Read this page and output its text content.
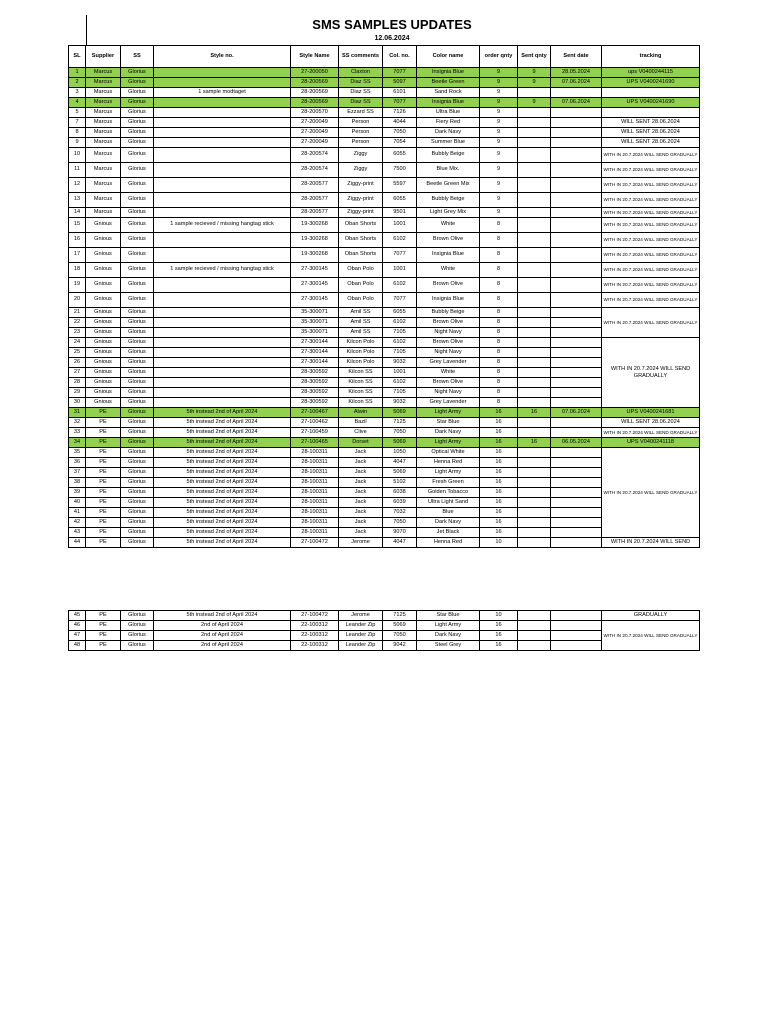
SMS SAMPLES UPDATES
12.06.2024
SL	Supplier	SS	Style no.	Style Name	SS comments	Col. no.	Color name	order qnty	Sent qnty	Sent date	tracking
1	Marcus	Glorius		27-200050	Claxton	7077	Insignia Blue	9	9	28.05.2024	ups V0400244115
2	Marcus	Glorius		28-200569	Diaz SS	5097	Beetle Green	9	9	07.06.2024	UPS V0400241690
3	Marcus	Glorius	1 sample modtaget	28-200569	Diaz SS	6101	Sand Rock	9			
4	Marcus	Glorius		28-200569	Diaz SS	7077	Insignia Blue	9	9	07.06.2024	UPS V0400241690
5	Marcus	Glorius		28-200570	Ezzard SS	7126	Ultra Blue	9			
7	Marcus	Glorius		27-200049	Person	4044	Fiery Red	9			WILL SENT 28.06.2024
8	Marcus	Glorius		27-200049	Person	7050	Dark Navy	9			WILL SENT 28.06.2024
9	Marcus	Glorius		27-200049	Person	7054	Summer Blue	9			WILL SENT 28.06.2024
10	Marcus	Glorius		28-200574	Ziggy	6055	Bubbly Beige	9			WITH IN 20.7.2024 WILL SEND GRADUALLY
11	Marcus	Glorius		28-200574	Ziggy	7500	Blue Mix.	9			WITH IN 20.7.2024 WILL SEND GRADUALLY
12	Marcus	Glorius		28-200577	Ziggy-print	5597	Beetle Green Mix	9			WITH IN 20.7.2024 WILL SEND GRADUALLY
13	Marcus	Glorius		28-200577	Ziggy-print	6055	Bubbly Beige	9			WITH IN 20.7.2024 WILL SEND GRADUALLY
14	Marcus	Glorius		28-200577	Ziggy-print	9501	Light Grey Mix	9			WITH IN 20.7.2024 WILL SEND GRADUALLY
15	Gnious	Glorius	1 sample recieved / missing hangtag stick	19-300268	Oban Shorts	1001	White	8			WITH IN 20.7.2024 WILL SEND GRADUALLY
16	Gnious	Glorius		19-300268	Oban Shorts	6102	Brown Olive	8			WITH IN 20.7.2024 WILL SEND GRADUALLY
17	Gnious	Glorius		19-300268	Oban Shorts	7077	Insignia Blue	8			WITH IN 20.7.2024 WILL SEND GRADUALLY
18	Gnious	Glorius	1 sample recieved / missing hangtag stick	27-300145	Oban Polo	1001	White	8			WITH IN 20.7.2024 WILL SEND GRADUALLY
19	Gnious	Glorius		27-300145	Oban Polo	6102	Brown Olive	8			WITH IN 20.7.2024 WILL SEND GRADUALLY
20	Gnious	Glorius		27-300145	Oban Polo	7077	Insignia Blue	8			WITH IN 20.7.2024 WILL SEND GRADUALLY
21	Gnious	Glorius		35-300071	Amil SS	6055	Bubbly Beige	8			WITH IN 20.7.2024 WILL SEND GRADUALLY
22	Gnious	Glorius		35-300071	Amil SS	6102	Brown Olive	8			
23	Gnious	Glorius		35-300071	Amil SS	7105	Night Navy	8			
24	Gnious	Glorius		27-300144	Kilcon Polo	6102	Brown Olive	8			WITH IN 20.7.2024 WILL SEND GRADUALLY
25	Gnious	Glorius		27-300144	Kilcon Polo	7105	Night Navy	8			
26	Gnious	Glorius		27-300144	Kilcon Polo	9032	Grey Lavender	8			
27	Gnious	Glorius		28-300592	Kilcon SS	1001	White	8			
28	Gnious	Glorius		28-300592	Kilcon SS	6102	Brown Olive	8			
29	Gnious	Glorius		28-300592	Kilcon SS	7105	Night Navy	8			
30	Gnious	Glorius		28-300592	Kilcon SS	9032	Grey Lavender	8			
31	PE	Glorius	5th instead 2nd of April 2024	27-100467	Alwin	5069	Light Army	16	16	07.06.2024	UPS V0400241681
32	PE	Glorius	5th instead 2nd of April 2024	27-100462	Bazil	7125	Star Blue	16			WILL SENT 28.06.2024
33	PE	Glorius	5th instead 2nd of April 2024	27-100459	Clive	7050	Dark Navy	16			WITH IN 20.7.2024 WILL SEND GRADUALLY
34	PE	Glorius	5th instead 2nd of April 2024	27-100465	Dorset	5069	Light Army	16	16	06.05.2024	UPS V0400241118
35	PE	Glorius	5th instead 2nd of April 2024	28-100311	Jack	1050	Optical White	16			WITH IN 20.7.2024 WILL SEND GRADUALLY
36	PE	Glorius	5th instead 2nd of April 2024	28-100311	Jack	4047	Henna Red	16			
37	PE	Glorius	5th instead 2nd of April 2024	28-100311	Jack	5069	Light Army	16			
38	PE	Glorius	5th instead 2nd of April 2024	28-100311	Jack	5102	Fresh Green	16			
39	PE	Glorius	5th instead 2nd of April 2024	28-100311	Jack	6038	Golden Tobacco	16			
40	PE	Glorius	5th instead 2nd of April 2024	28-100311	Jack	6039	Ultra Light Sand	16			
41	PE	Glorius	5th instead 2nd of April 2024	28-100311	Jack	7032	Blue	16			
42	PE	Glorius	5th instead 2nd of April 2024	28-100311	Jack	7050	Dark Navy	16			
43	PE	Glorius	5th instead 2nd of April 2024	28-100311	Jack	9070	Jet Black	16			
44	PE	Glorius	5th instead 2nd of April 2024	27-100472	Jerome	4047	Henna Red	10			WITH IN 20.7.2024 WILL SEND
45	PE	Glorius	5th instead 2nd of April 2024	27-100472	Jerome	7125	Star Blue	10			GRADUALLY
46	PE	Glorius	2nd of April 2024	22-100312	Leander Zip	5069	Light Army	16			WITH IN 20.7.2024 WILL SEND GRADUALLY
47	PE	Glorius	2nd of April 2024	22-100312	Leander Zip	7050	Dark Navy	16			
48	PE	Glorius	2nd of April 2024	22-100312	Leander Zip	9042	Steel Grey	16			
